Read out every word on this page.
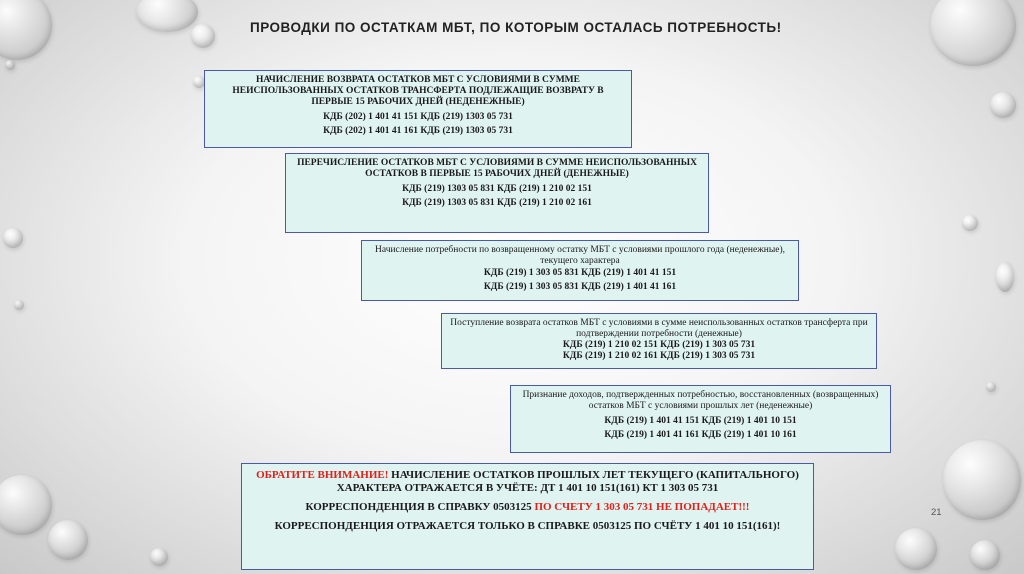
ПРОВОДКИ ПО ОСТАТКАМ МБТ, ПО КОТОРЫМ ОСТАЛАСЬ ПОТРЕБНОСТЬ!
НАЧИСЛЕНИЕ ВОЗВРАТА ОСТАТКОВ МБТ С УСЛОВИЯМИ В СУММЕ НЕИСПОЛЬЗОВАННЫХ ОСТАТКОВ ТРАНСФЕРТА ПОДЛЕЖАЩИЕ ВОЗВРАТУ В ПЕРВЫЕ 15 РАБОЧИХ ДНЕЙ (НЕДЕНЕЖНЫЕ)
КДБ (202) 1 401 41 151 КДБ (219) 1303 05 731
КДБ (202) 1 401 41 161 КДБ (219) 1303 05 731
ПЕРЕЧИСЛЕНИЕ ОСТАТКОВ МБТ С УСЛОВИЯМИ В СУММЕ НЕИСПОЛЬЗОВАННЫХ ОСТАТКОВ В ПЕРВЫЕ 15 РАБОЧИХ ДНЕЙ (ДЕНЕЖНЫЕ)
КДБ (219) 1303 05 831 КДБ (219) 1 210 02 151
КДБ (219) 1303 05 831 КДБ (219) 1 210 02 161
Начисление потребности по возвращенному остатку МБТ с условиями прошлого года (неденежные), текущего характера
КДБ (219) 1 303 05 831 КДБ (219) 1 401 41 151
КДБ (219) 1 303 05 831 КДБ (219) 1 401 41 161
Поступление возврата остатков МБТ с условиями в сумме неиспользованных остатков трансферта при подтверждении потребности (денежные)
КДБ (219) 1 210 02 151 КДБ (219) 1 303 05 731
КДБ (219) 1 210 02 161 КДБ (219) 1 303 05 731
Признание доходов, подтвержденных потребностью, восстановленных (возвращенных) остатков МБТ с условиями прошлых лет (неденежные)
КДБ (219) 1 401 41 151 КДБ (219) 1 401 10 151
КДБ (219) 1 401 41 161 КДБ (219) 1 401 10 161
ОБРАТИТЕ ВНИМАНИЕ! НАЧИСЛЕНИЕ ОСТАТКОВ ПРОШЛЫХ ЛЕТ ТЕКУЩЕГО (КАПИТАЛЬНОГО) ХАРАКТЕРА ОТРАЖАЕТСЯ В УЧЁТЕ: ДТ 1 401 10 151(161) КТ 1 303 05 731
КОРРЕСПОНДЕНЦИЯ В СПРАВКУ 0503125 ПО СЧЕТУ 1 303 05 731 НЕ ПОПАДАЕТ!!!
КОРРЕСПОНДЕНЦИЯ ОТРАЖАЕТСЯ ТОЛЬКО В СПРАВКЕ 0503125 ПО СЧЁТУ 1 401 10 151(161)!
21
